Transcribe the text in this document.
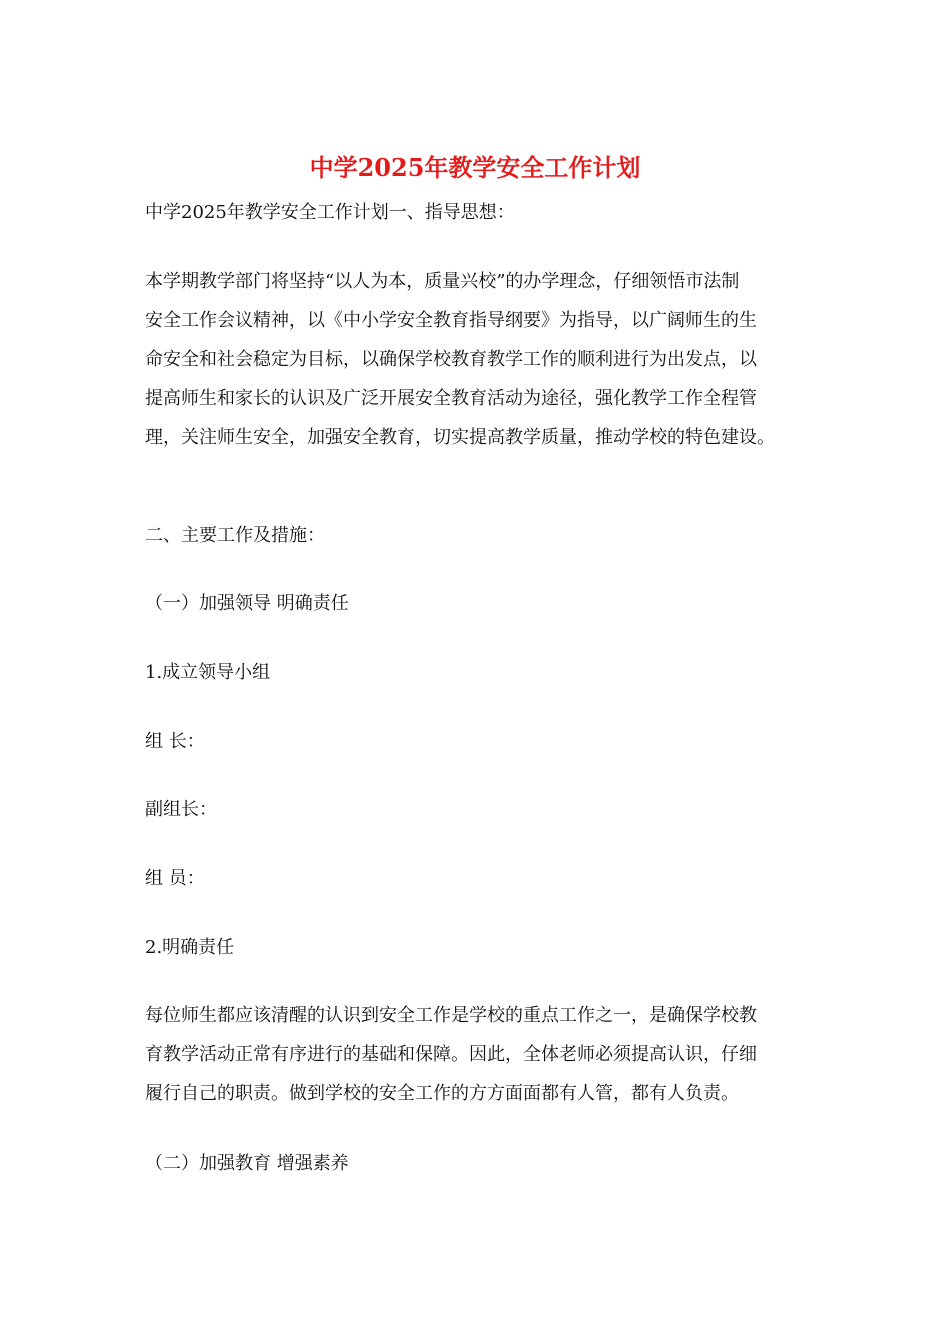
中学2025年教学安全工作计划
中学2025年教学安全工作计划一、指导思想：
本学期教学部门将坚持“以人为本，质量兴校”的办学理念，仔细领悟市法制
安全工作会议精神，以《中小学安全教育指导纲要》为指导，以广阔师生的生
命安全和社会稳定为目标，以确保学校教育教学工作的顺利进行为出发点，以
提高师生和家长的认识及广泛开展安全教育活动为途径，强化教学工作全程管
理，关注师生安全，加强安全教育，切实提高教学质量，推动学校的特色建设。
二、主要工作及措施：
（一）加强领导 明确责任
1.成立领导小组
组 长：
副组长：
组 员：
2.明确责任
每位师生都应该清醒的认识到安全工作是学校的重点工作之一，是确保学校教
育教学活动正常有序进行的基础和保障。因此，全体老师必须提高认识，仔细
履行自己的职责。做到学校的安全工作的方方面面都有人管，都有人负责。
（二）加强教育 增强素养
